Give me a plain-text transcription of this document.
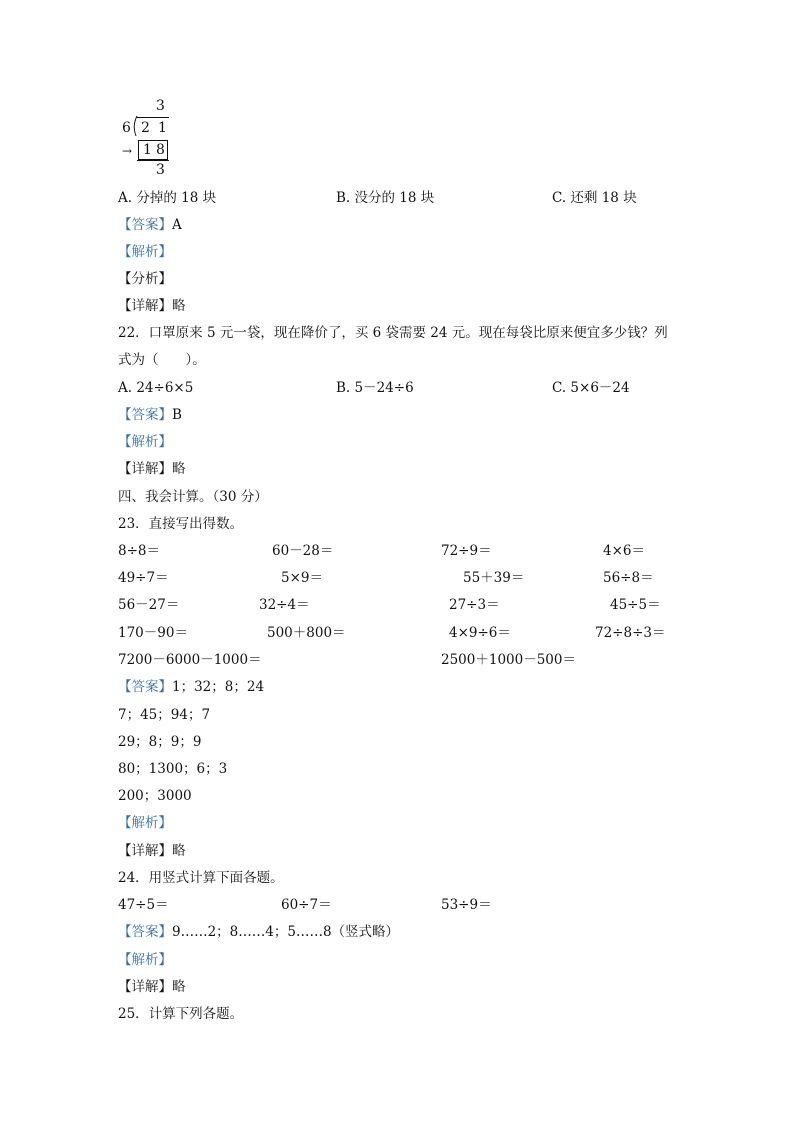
3
6 2 1
→ 1 8
3
A. 分掉的 18 块	B. 没分的 18 块	C. 还剩 18 块
【答案】A
【解析】
【分析】
【详解】略
22．口罩原来 5 元一袋，现在降价了，买 6 袋需要 24 元。现在每袋比原来便宜多少钱？列
式为（　　）。
A. 24÷6×5	B. 5－24÷6	C. 5×6－24
【答案】B
【解析】
【详解】略
四、我会计算。（30 分）
23．直接写出得数。
8÷8＝	60－28＝	72÷9＝	4×6＝
49÷7＝	5×9＝	55＋39＝	56÷8＝
56－27＝	32÷4＝	27÷3＝	45÷5＝
170－90＝	500＋800＝	4×9÷6＝	72÷8÷3＝
7200－6000－1000＝	2500＋1000－500＝
【答案】1；32；8；24
7；45；94；7
29；8；9；9
80；1300；6；3
200；3000
【解析】
【详解】略
24．用竖式计算下面各题。
47÷5＝	60÷7＝	53÷9＝
【答案】9……2；8……4；5……8（竖式略）
【解析】
【详解】略
25．计算下列各题。
